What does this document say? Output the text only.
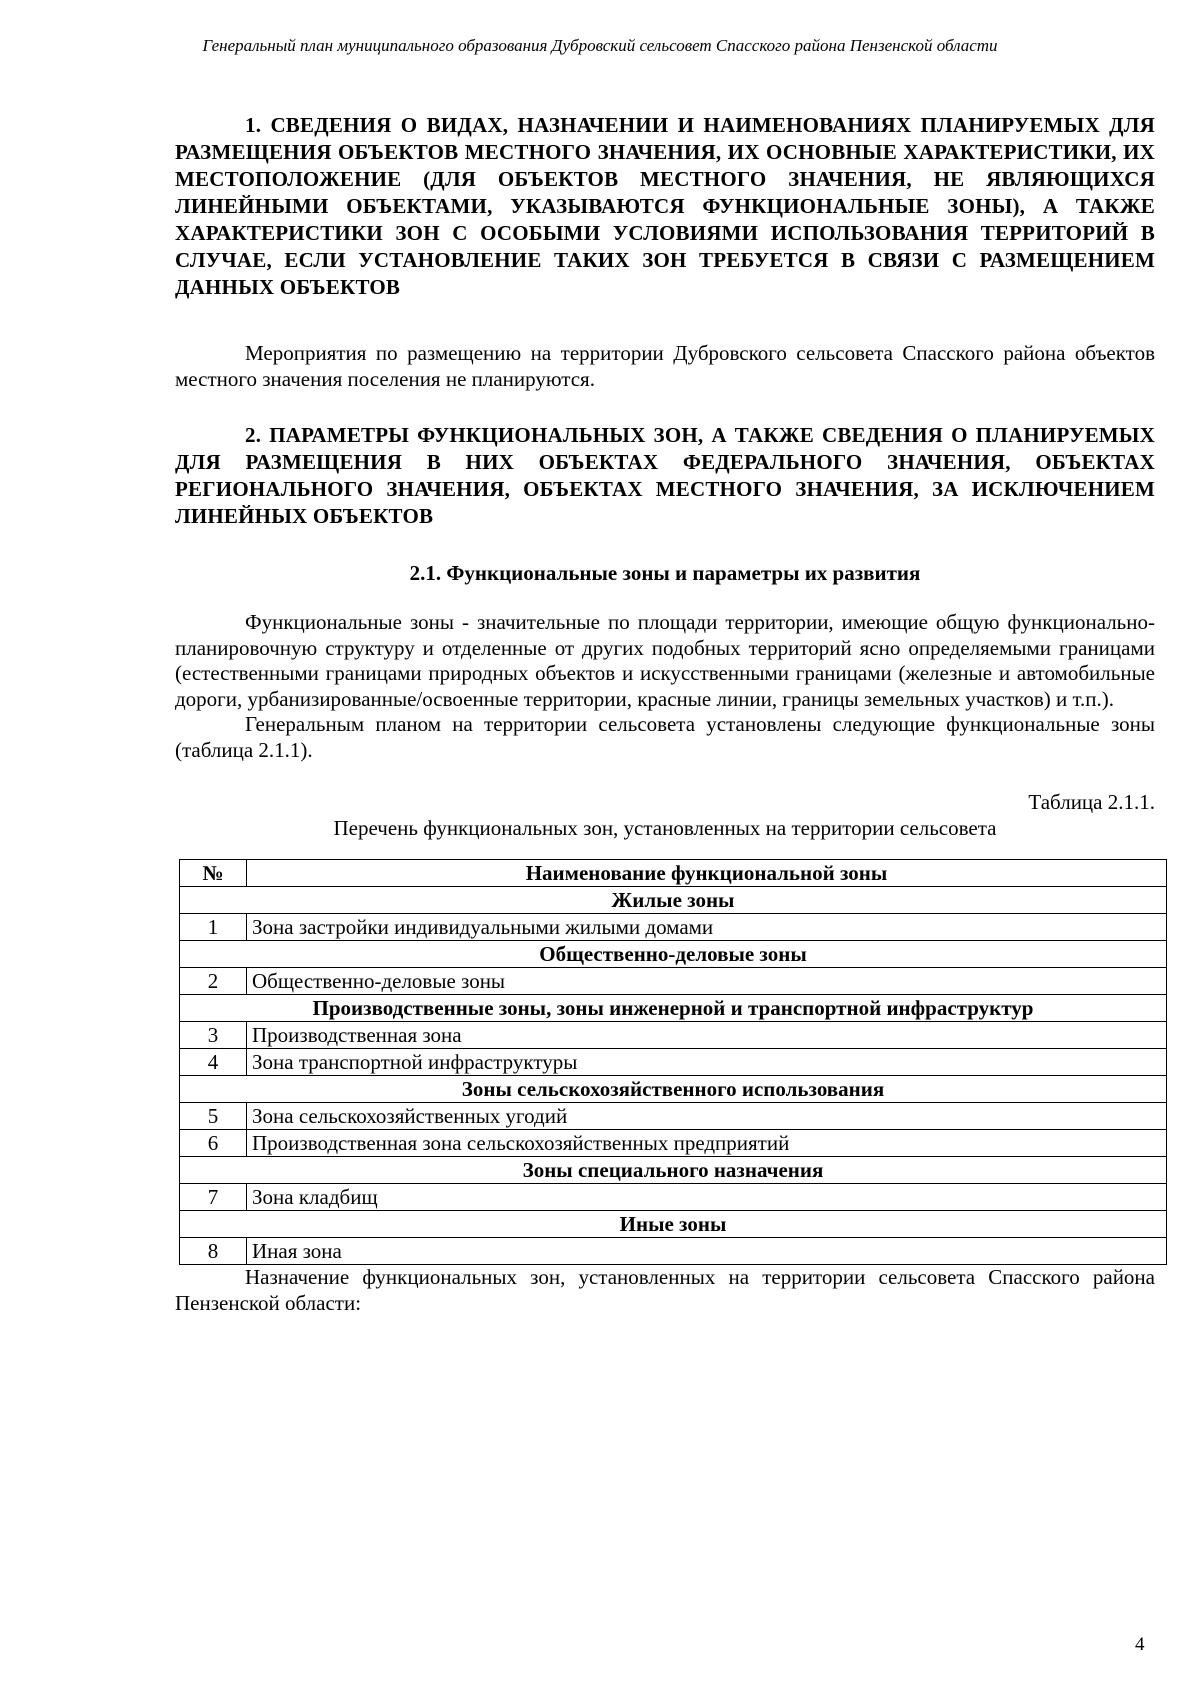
Генеральный план муниципального образования Дубровский сельсовет Спасского района Пензенской области

1. СВЕДЕНИЯ О ВИДАХ, НАЗНАЧЕНИИ И НАИМЕНОВАНИЯХ ПЛАНИРУЕМЫХ ДЛЯ РАЗМЕЩЕНИЯ ОБЪЕКТОВ МЕСТНОГО ЗНАЧЕНИЯ, ИХ ОСНОВНЫЕ ХАРАКТЕРИСТИКИ, ИХ МЕСТОПОЛОЖЕНИЕ (ДЛЯ ОБЪЕКТОВ МЕСТНОГО ЗНАЧЕНИЯ, НЕ ЯВЛЯЮЩИХСЯ ЛИНЕЙНЫМИ ОБЪЕКТАМИ, УКАЗЫВАЮТСЯ ФУНКЦИОНАЛЬНЫЕ ЗОНЫ), А ТАКЖЕ ХАРАКТЕРИСТИКИ ЗОН С ОСОБЫМИ УСЛОВИЯМИ ИСПОЛЬЗОВАНИЯ ТЕРРИТОРИЙ В СЛУЧАЕ, ЕСЛИ УСТАНОВЛЕНИЕ ТАКИХ ЗОН ТРЕБУЕТСЯ В СВЯЗИ С РАЗМЕЩЕНИЕМ ДАННЫХ ОБЪЕКТОВ

Мероприятия по размещению на территории Дубровского сельсовета Спасского района объектов местного значения поселения не планируются.

2. ПАРАМЕТРЫ ФУНКЦИОНАЛЬНЫХ ЗОН, А ТАКЖЕ СВЕДЕНИЯ О ПЛАНИРУЕМЫХ ДЛЯ РАЗМЕЩЕНИЯ В НИХ ОБЪЕКТАХ ФЕДЕРАЛЬНОГО ЗНАЧЕНИЯ, ОБЪЕКТАХ РЕГИОНАЛЬНОГО ЗНАЧЕНИЯ, ОБЪЕКТАХ МЕСТНОГО ЗНАЧЕНИЯ, ЗА ИСКЛЮЧЕНИЕМ ЛИНЕЙНЫХ ОБЪЕКТОВ

2.1. Функциональные зоны и параметры их развития

Функциональные зоны - значительные по площади территории, имеющие общую функционально-планировочную структуру и отделенные от других подобных территорий ясно определяемыми границами (естественными границами природных объектов и искусственными границами (железные и автомобильные дороги, урбанизированные/освоенные территории, красные линии, границы земельных участков) и т.п.).

Генеральным планом на территории сельсовета установлены следующие функциональные зоны (таблица 2.1.1).

Таблица 2.1.1.

Перечень функциональных зон, установленных на территории сельсовета

№	Наименование функциональной зоны
Жилые зоны	
1	Зона застройки индивидуальными жилыми домами
Общественно-деловые зоны	
2	Общественно-деловые зоны
Производственные зоны, зоны инженерной и транспортной инфраструктур	
3	Производственная зона
4	Зона транспортной инфраструктуры
Зоны сельскохозяйственного использования	
5	Зона сельскохозяйственных угодий
6	Производственная зона сельскохозяйственных предприятий
Зоны специального назначения	
7	Зона кладбищ
Иные зоны	
8	Иная зона

Назначение функциональных зон, установленных на территории сельсовета Спасского района Пензенской области:

4
